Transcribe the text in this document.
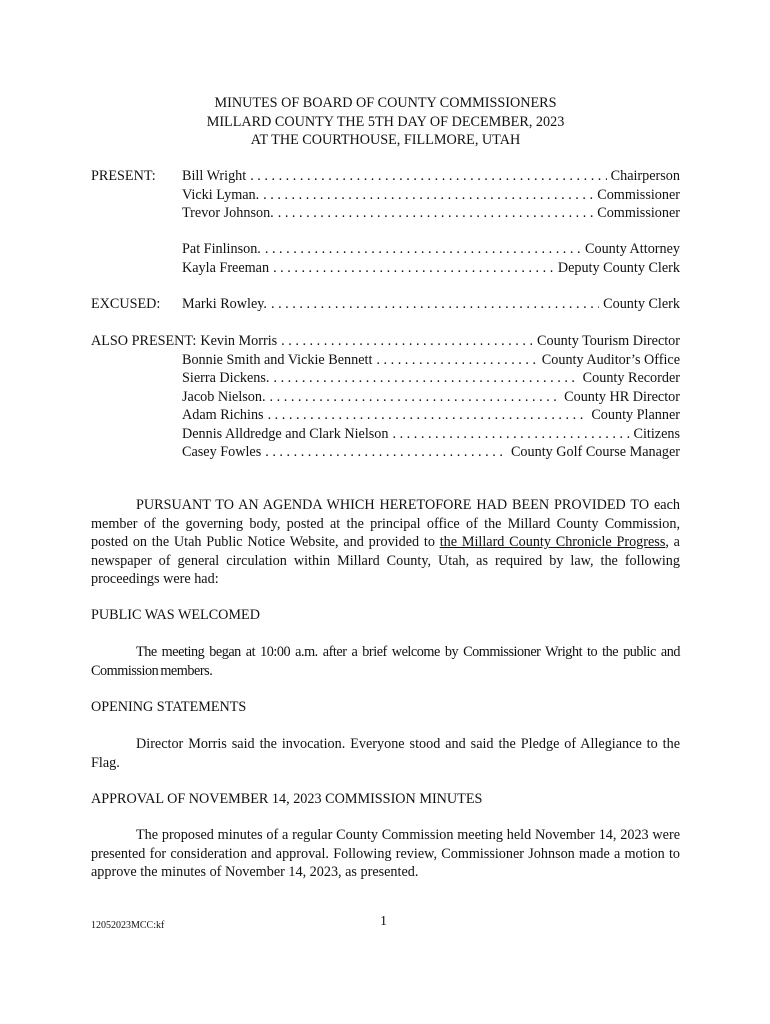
MINUTES OF BOARD OF COUNTY COMMISSIONERS
MILLARD COUNTY THE 5TH DAY OF DECEMBER, 2023
AT THE COURTHOUSE, FILLMORE, UTAH
PRESENT: Bill Wright . . .	Chairperson
Vicki Lyman. . . .	Commissioner
Trevor Johnson. . . .	Commissioner
Pat Finlinson. . . .	County Attorney
Kayla Freeman . . .	Deputy County Clerk
EXCUSED: Marki Rowley. . . .	County Clerk
ALSO PRESENT: Kevin Morris . . .	County Tourism Director
Bonnie Smith and Vickie Bennett . . .	County Auditor’s Office
Sierra Dickens. . . .	County Recorder
Jacob Nielson. . . .	County HR Director
Adam Richins . . .	County Planner
Dennis Alldredge and Clark Nielson . . .	Citizens
Casey Fowles . . .	County Golf Course Manager

PURSUANT TO AN AGENDA WHICH HERETOFORE HAD BEEN PROVIDED TO each member of the governing body, posted at the principal office of the Millard County Commission, posted on the Utah Public Notice Website, and provided to the Millard County Chronicle Progress, a newspaper of general circulation within Millard County, Utah, as required by law, the following proceedings were had:

PUBLIC WAS WELCOMED

The meeting began at 10:00 a.m. after a brief welcome by Commissioner Wright to the public and Commission members.

OPENING STATEMENTS

Director Morris said the invocation. Everyone stood and said the Pledge of Allegiance to the Flag.

APPROVAL OF NOVEMBER 14, 2023 COMMISSION MINUTES

The proposed minutes of a regular County Commission meeting held November 14, 2023 were presented for consideration and approval. Following review, Commissioner Johnson made a motion to approve the minutes of November 14, 2023, as presented.

12052023MCC:kf	1
